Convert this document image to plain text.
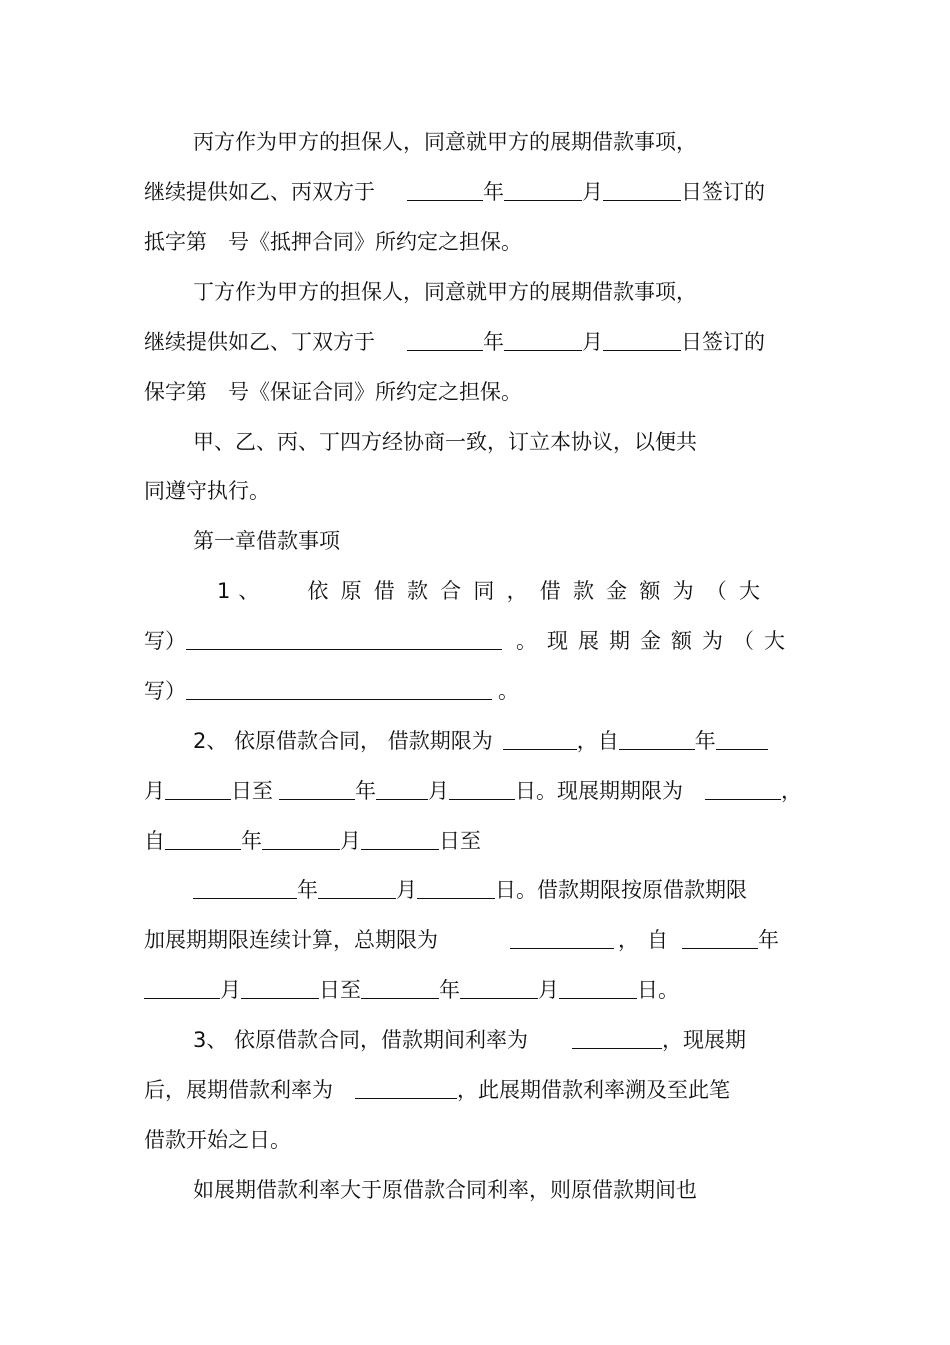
丙方作为甲方的担保人，同意就甲方的展期借款事项，
继续提供如乙、丙双方于	年	月	日签订的
抵字第　号《抵押合同》所约定之担保。
丁方作为甲方的担保人，同意就甲方的展期借款事项，
继续提供如乙、丁双方于	年	月	日签订的
保字第　号《保证合同》所约定之担保。
甲、乙、丙、丁四方经协商一致，订立本协议，以便共
同遵守执行。
第一章借款事项
1、 依原借款合同，借款金额为（大
写）	。现展期金额为（大
写）	。
2、 依原借款合同， 借款期限为	，自	年
月	日至	年 月	日。现展期期限为	，
自	年	月	日至
年	月	日。借款期限按原借款期限
加展期期限连续计算，总期限为	，自	年
月	日至	年	月	日。
3、 依原借款合同，借款期间利率为	，现展期
后，展期借款利率为	，此展期借款利率溯及至此笔
借款开始之日。
如展期借款利率大于原借款合同利率，则原借款期间也
